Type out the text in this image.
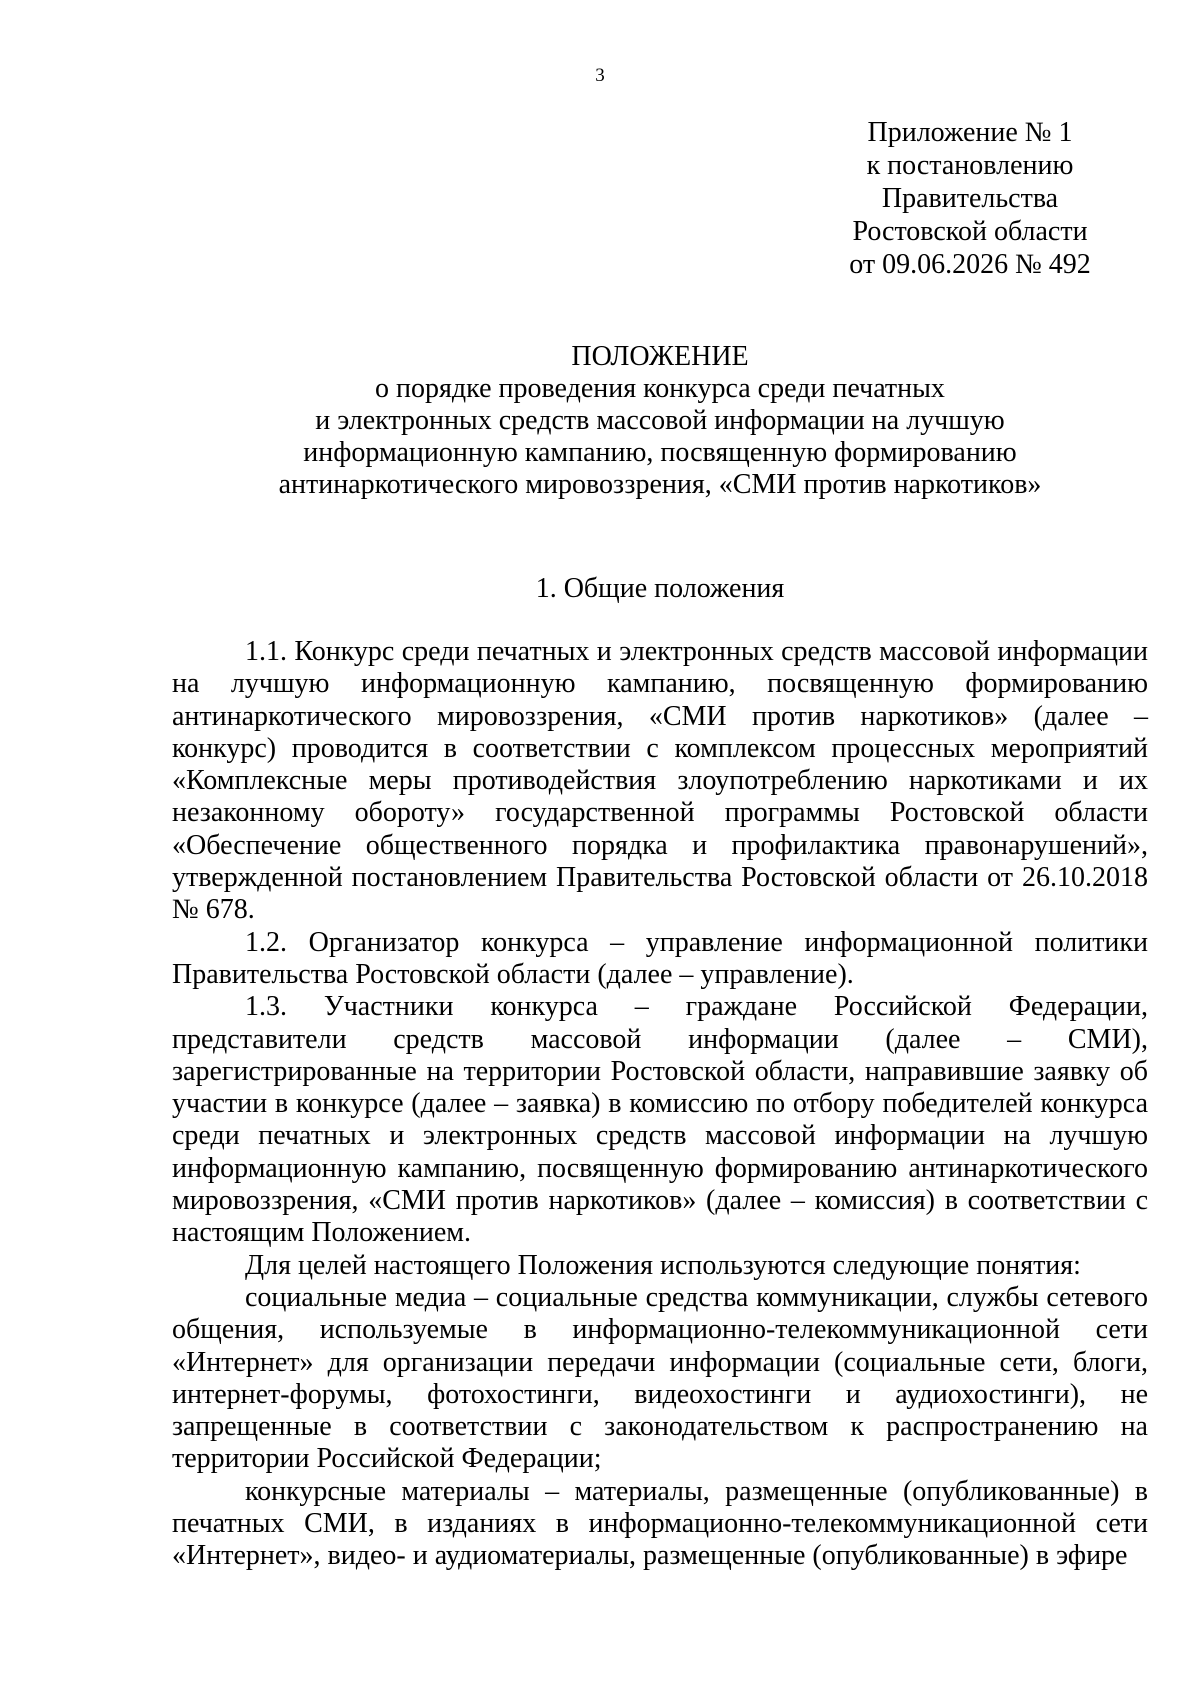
3
Приложение № 1
к постановлению
Правительства
Ростовской области
от 09.06.2026 № 492
ПОЛОЖЕНИЕ
о порядке проведения конкурса среди печатных
и электронных средств массовой информации на лучшую
информационную кампанию, посвященную формированию
антинаркотического мировоззрения, «СМИ против наркотиков»
1. Общие положения

1.1. Конкурс среди печатных и электронных средств массовой информации на лучшую информационную кампанию, посвященную формированию антинаркотического мировоззрения, «СМИ против наркотиков» (далее – конкурс) проводится в соответствии с комплексом процессных мероприятий «Комплексные меры противодействия злоупотреблению наркотиками и их незаконному обороту» государственной программы Ростовской области «Обеспечение общественного порядка и профилактика правонарушений», утвержденной постановлением Правительства Ростовской области от 26.10.2018 № 678.

1.2. Организатор конкурса – управление информационной политики Правительства Ростовской области (далее – управление).

1.3. Участники конкурса – граждане Российской Федерации, представители средств массовой информации (далее – СМИ), зарегистрированные на территории Ростовской области, направившие заявку об участии в конкурсе (далее – заявка) в комиссию по отбору победителей конкурса среди печатных и электронных средств массовой информации на лучшую информационную кампанию, посвященную формированию антинаркотического мировоззрения, «СМИ против наркотиков» (далее – комиссия) в соответствии с настоящим Положением.

Для целей настоящего Положения используются следующие понятия:

социальные медиа – социальные средства коммуникации, службы сетевого общения, используемые в информационно-телекоммуникационной сети «Интернет» для организации передачи информации (социальные сети, блоги, интернет-форумы, фотохостинги, видеохостинги и аудиохостинги), не запрещенные в соответствии с законодательством к распространению на территории Российской Федерации;

конкурсные материалы – материалы, размещенные (опубликованные) в печатных СМИ, в изданиях в информационно-телекоммуникационной сети «Интернет», видео- и аудиоматериалы, размещенные (опубликованные) в эфире
